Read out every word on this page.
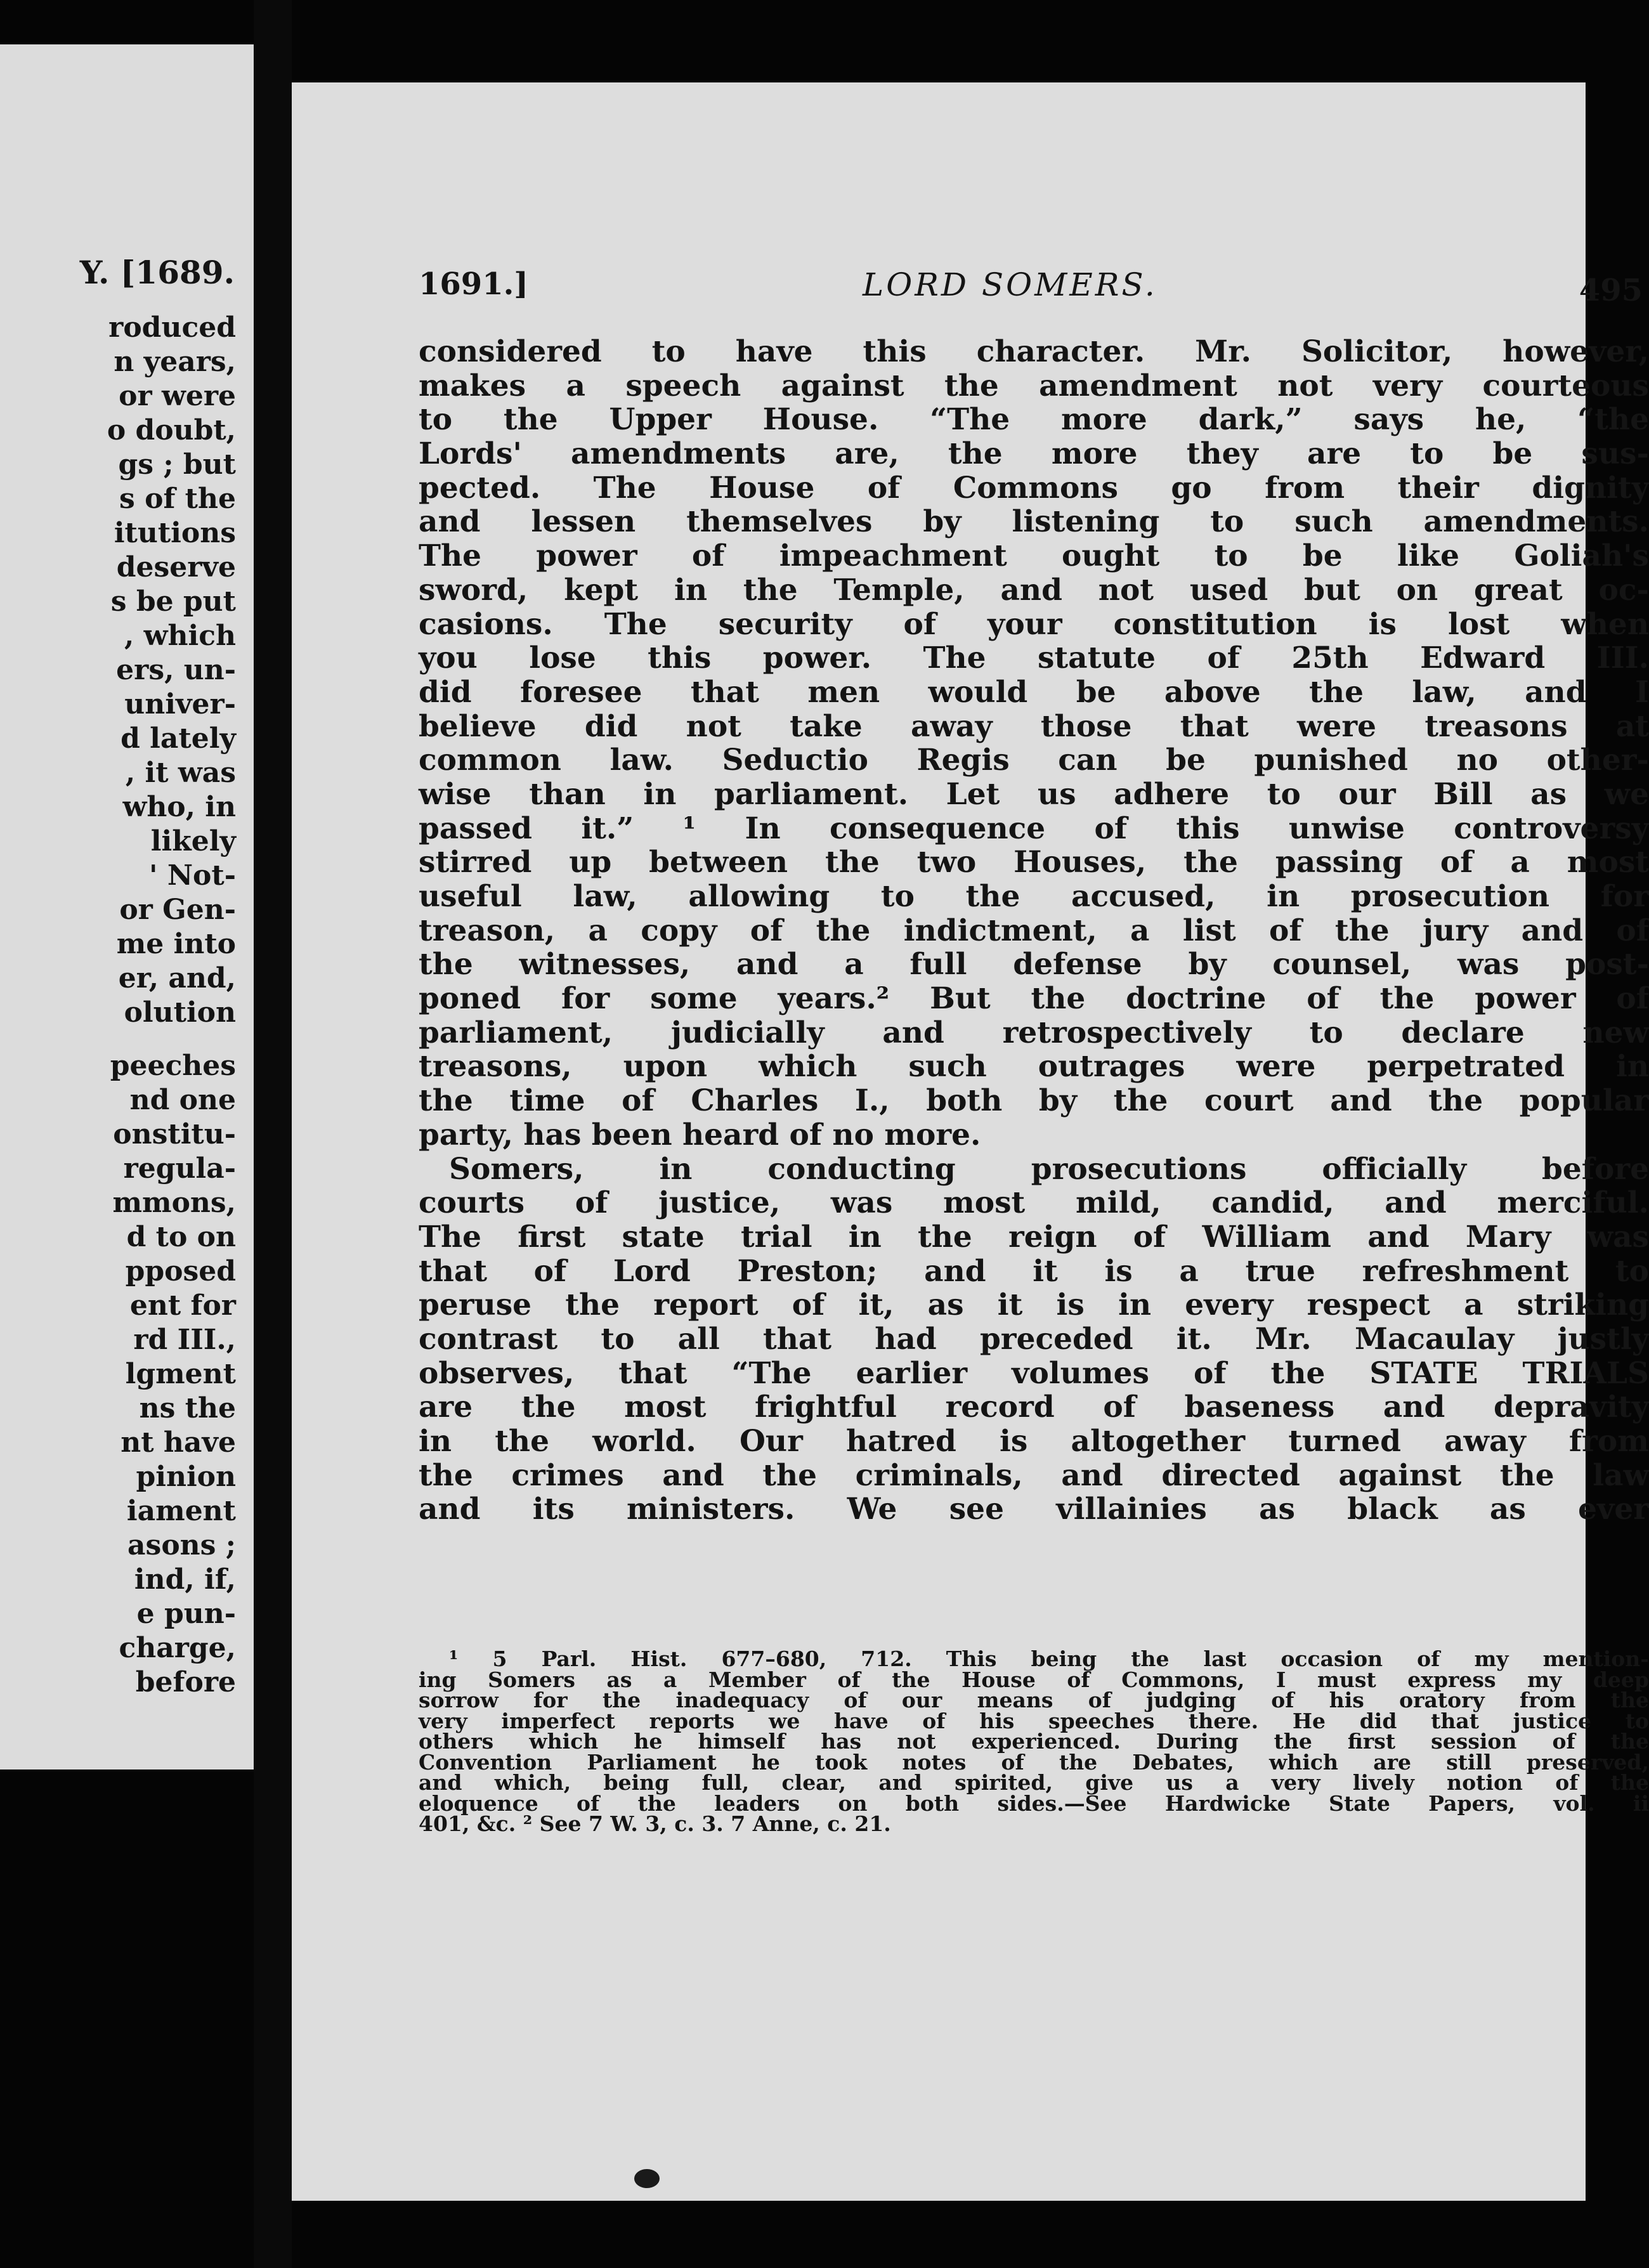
Y. [1689.
roduced
n years,
or were
o doubt,
gs ; but
s of the
itutions
deserve
s be put
, which
ers, un-
univer-
d lately
, it was
who, in
likely
' Not-
or Gen-
me into
er, and,
olution
peeches
nd one
onstitu-
regula-
mmons,
d to on
pposed
ent for
rd III.,
lgment
ns the
nt have
pinion
iament
asons ;
ind, if,
e pun-
charge,
before
1691.]	LORD SOMERS.	495
considered to have this character. Mr. Solicitor, however,
makes a speech against the amendment not very courteous
to the Upper House. “The more dark,” says he, “the
Lords' amendments are, the more they are to be sus-
pected. The House of Commons go from their dignity
and lessen themselves by listening to such amendments.
The power of impeachment ought to be like Goliah's
sword, kept in the Temple, and not used but on great oc-
casions. The security of your constitution is lost when
you lose this power. The statute of 25th Edward III.
did foresee that men would be above the law, and I
believe did not take away those that were treasons at
common law. Seductio Regis can be punished no other-
wise than in parliament. Let us adhere to our Bill as we
passed it.” ¹ In consequence of this unwise controversy
stirred up between the two Houses, the passing of a most
useful law, allowing to the accused, in prosecution for
treason, a copy of the indictment, a list of the jury and of
the witnesses, and a full defense by counsel, was post-
poned for some years.² But the doctrine of the power of
parliament, judicially and retrospectively to declare new
treasons, upon which such outrages were perpetrated in
the time of Charles I., both by the court and the popular
party, has been heard of no more.
Somers, in conducting prosecutions officially before
courts of justice, was most mild, candid, and merciful.
The first state trial in the reign of William and Mary was
that of Lord Preston; and it is a true refreshment to
peruse the report of it, as it is in every respect a striking
contrast to all that had preceded it. Mr. Macaulay justly
observes, that “The earlier volumes of the STATE TRIALS
are the most frightful record of baseness and depravity
in the world. Our hatred is altogether turned away from
the crimes and the criminals, and directed against the law
and its ministers. We see villainies as black as ever
¹ 5 Parl. Hist. 677–680, 712. This being the last occasion of my mention-
ing Somers as a Member of the House of Commons, I must express my deep
sorrow for the inadequacy of our means of judging of his oratory from the
very imperfect reports we have of his speeches there. He did that justice to
others which he himself has not experienced. During the first session of the
Convention Parliament he took notes of the Debates, which are still preserved,
and which, being full, clear, and spirited, give us a very lively notion of the
eloquence of the leaders on both sides.—See Hardwicke State Papers, vol. ii
401, &c. ² See 7 W. 3, c. 3. 7 Anne, c. 21.
